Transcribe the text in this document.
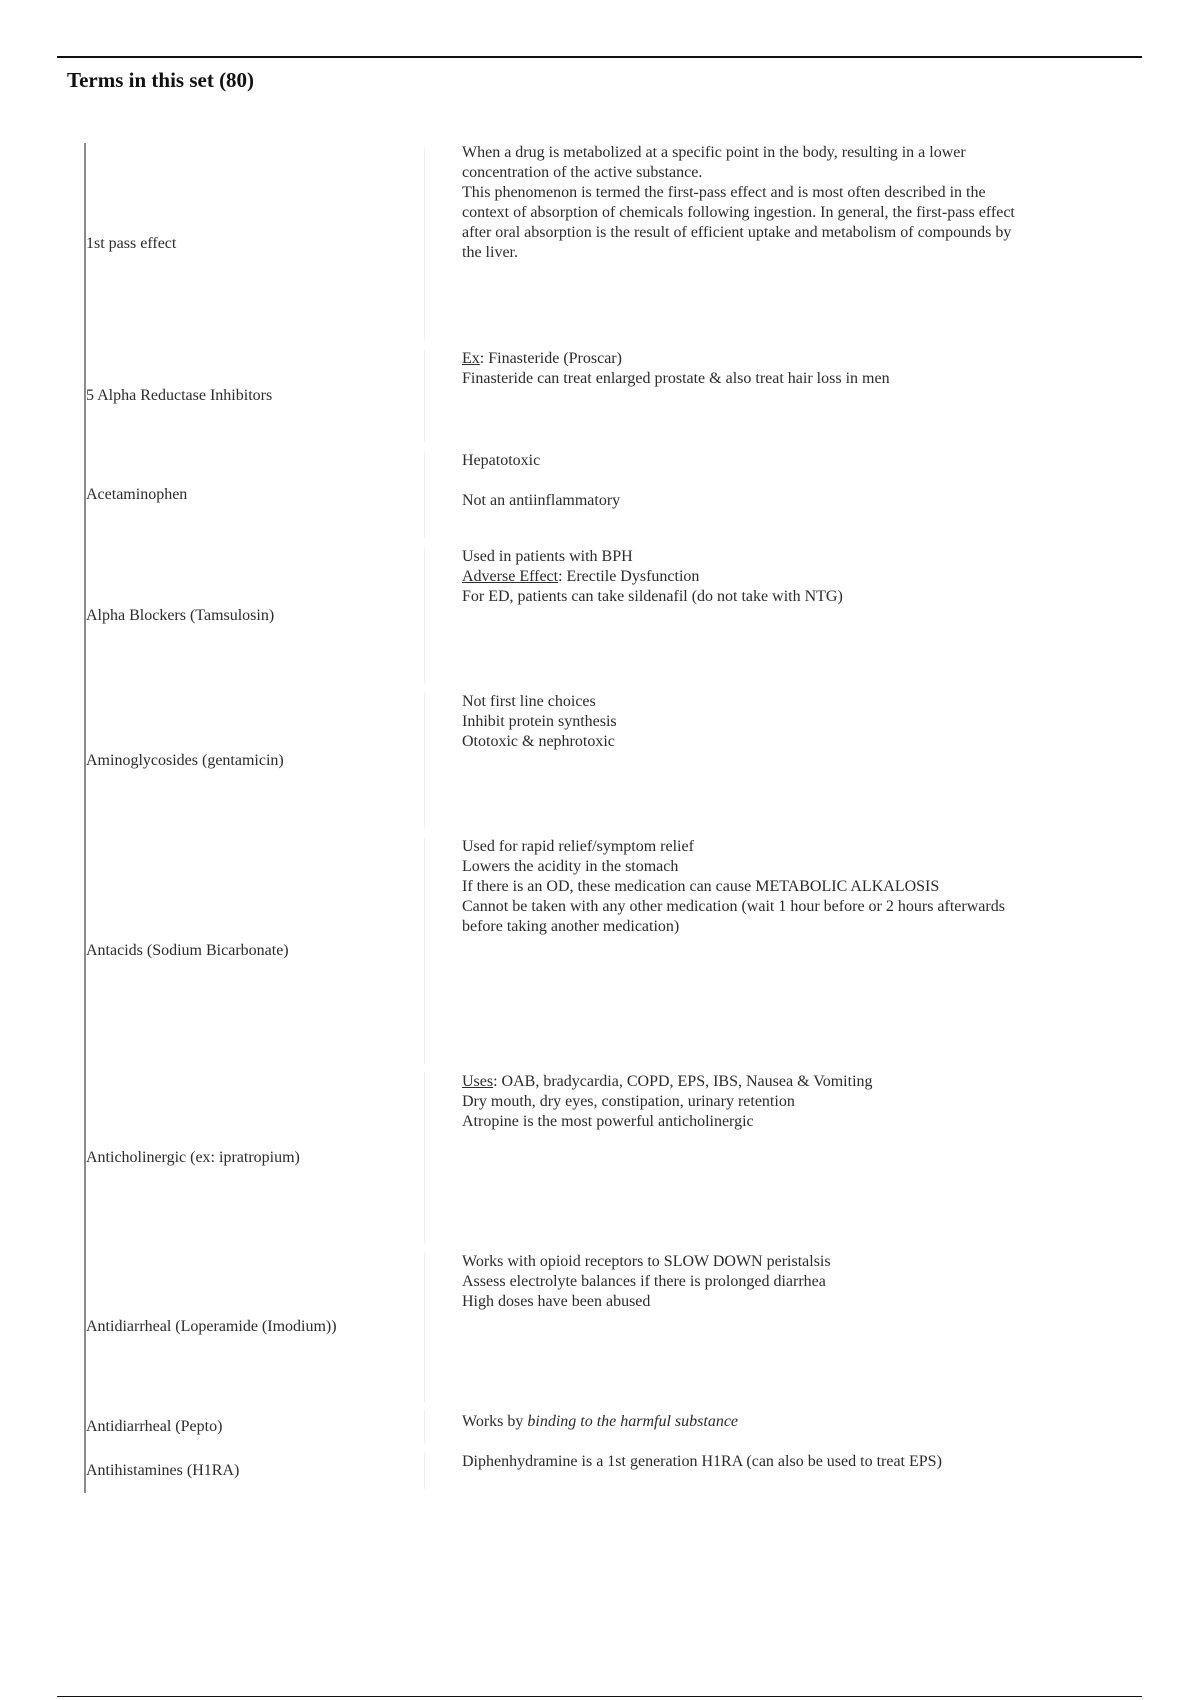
Terms in this set (80)
1st pass effect
When a drug is metabolized at a specific point in the body, resulting in a lower
concentration of the active substance.
This phenomenon is termed the first-pass effect and is most often described in the
context of absorption of chemicals following ingestion. In general, the first-pass effect
after oral absorption is the result of efficient uptake and metabolism of compounds by
the liver.
5 Alpha Reductase Inhibitors
Ex: Finasteride (Proscar)
Finasteride can treat enlarged prostate & also treat hair loss in men
Acetaminophen
Hepatotoxic

Not an antiinflammatory
Alpha Blockers (Tamsulosin)
Used in patients with BPH
Adverse Effect: Erectile Dysfunction
For ED, patients can take sildenafil (do not take with NTG)
Aminoglycosides (gentamicin)
Not first line choices
Inhibit protein synthesis
Ototoxic & nephrotoxic
Antacids (Sodium Bicarbonate)
Used for rapid relief/symptom relief
Lowers the acidity in the stomach
If there is an OD, these medication can cause METABOLIC ALKALOSIS
Cannot be taken with any other medication (wait 1 hour before or 2 hours afterwards
before taking another medication)
Anticholinergic (ex: ipratropium)
Uses: OAB, bradycardia, COPD, EPS, IBS, Nausea & Vomiting
Dry mouth, dry eyes, constipation, urinary retention
Atropine is the most powerful anticholinergic
Antidiarrheal (Loperamide (Imodium))
Works with opioid receptors to SLOW DOWN peristalsis
Assess electrolyte balances if there is prolonged diarrhea
High doses have been abused
Antidiarrheal (Pepto)	Works by binding to the harmful substance
Antihistamines (H1RA)	Diphenhydramine is a 1st generation H1RA (can also be used to treat EPS)
